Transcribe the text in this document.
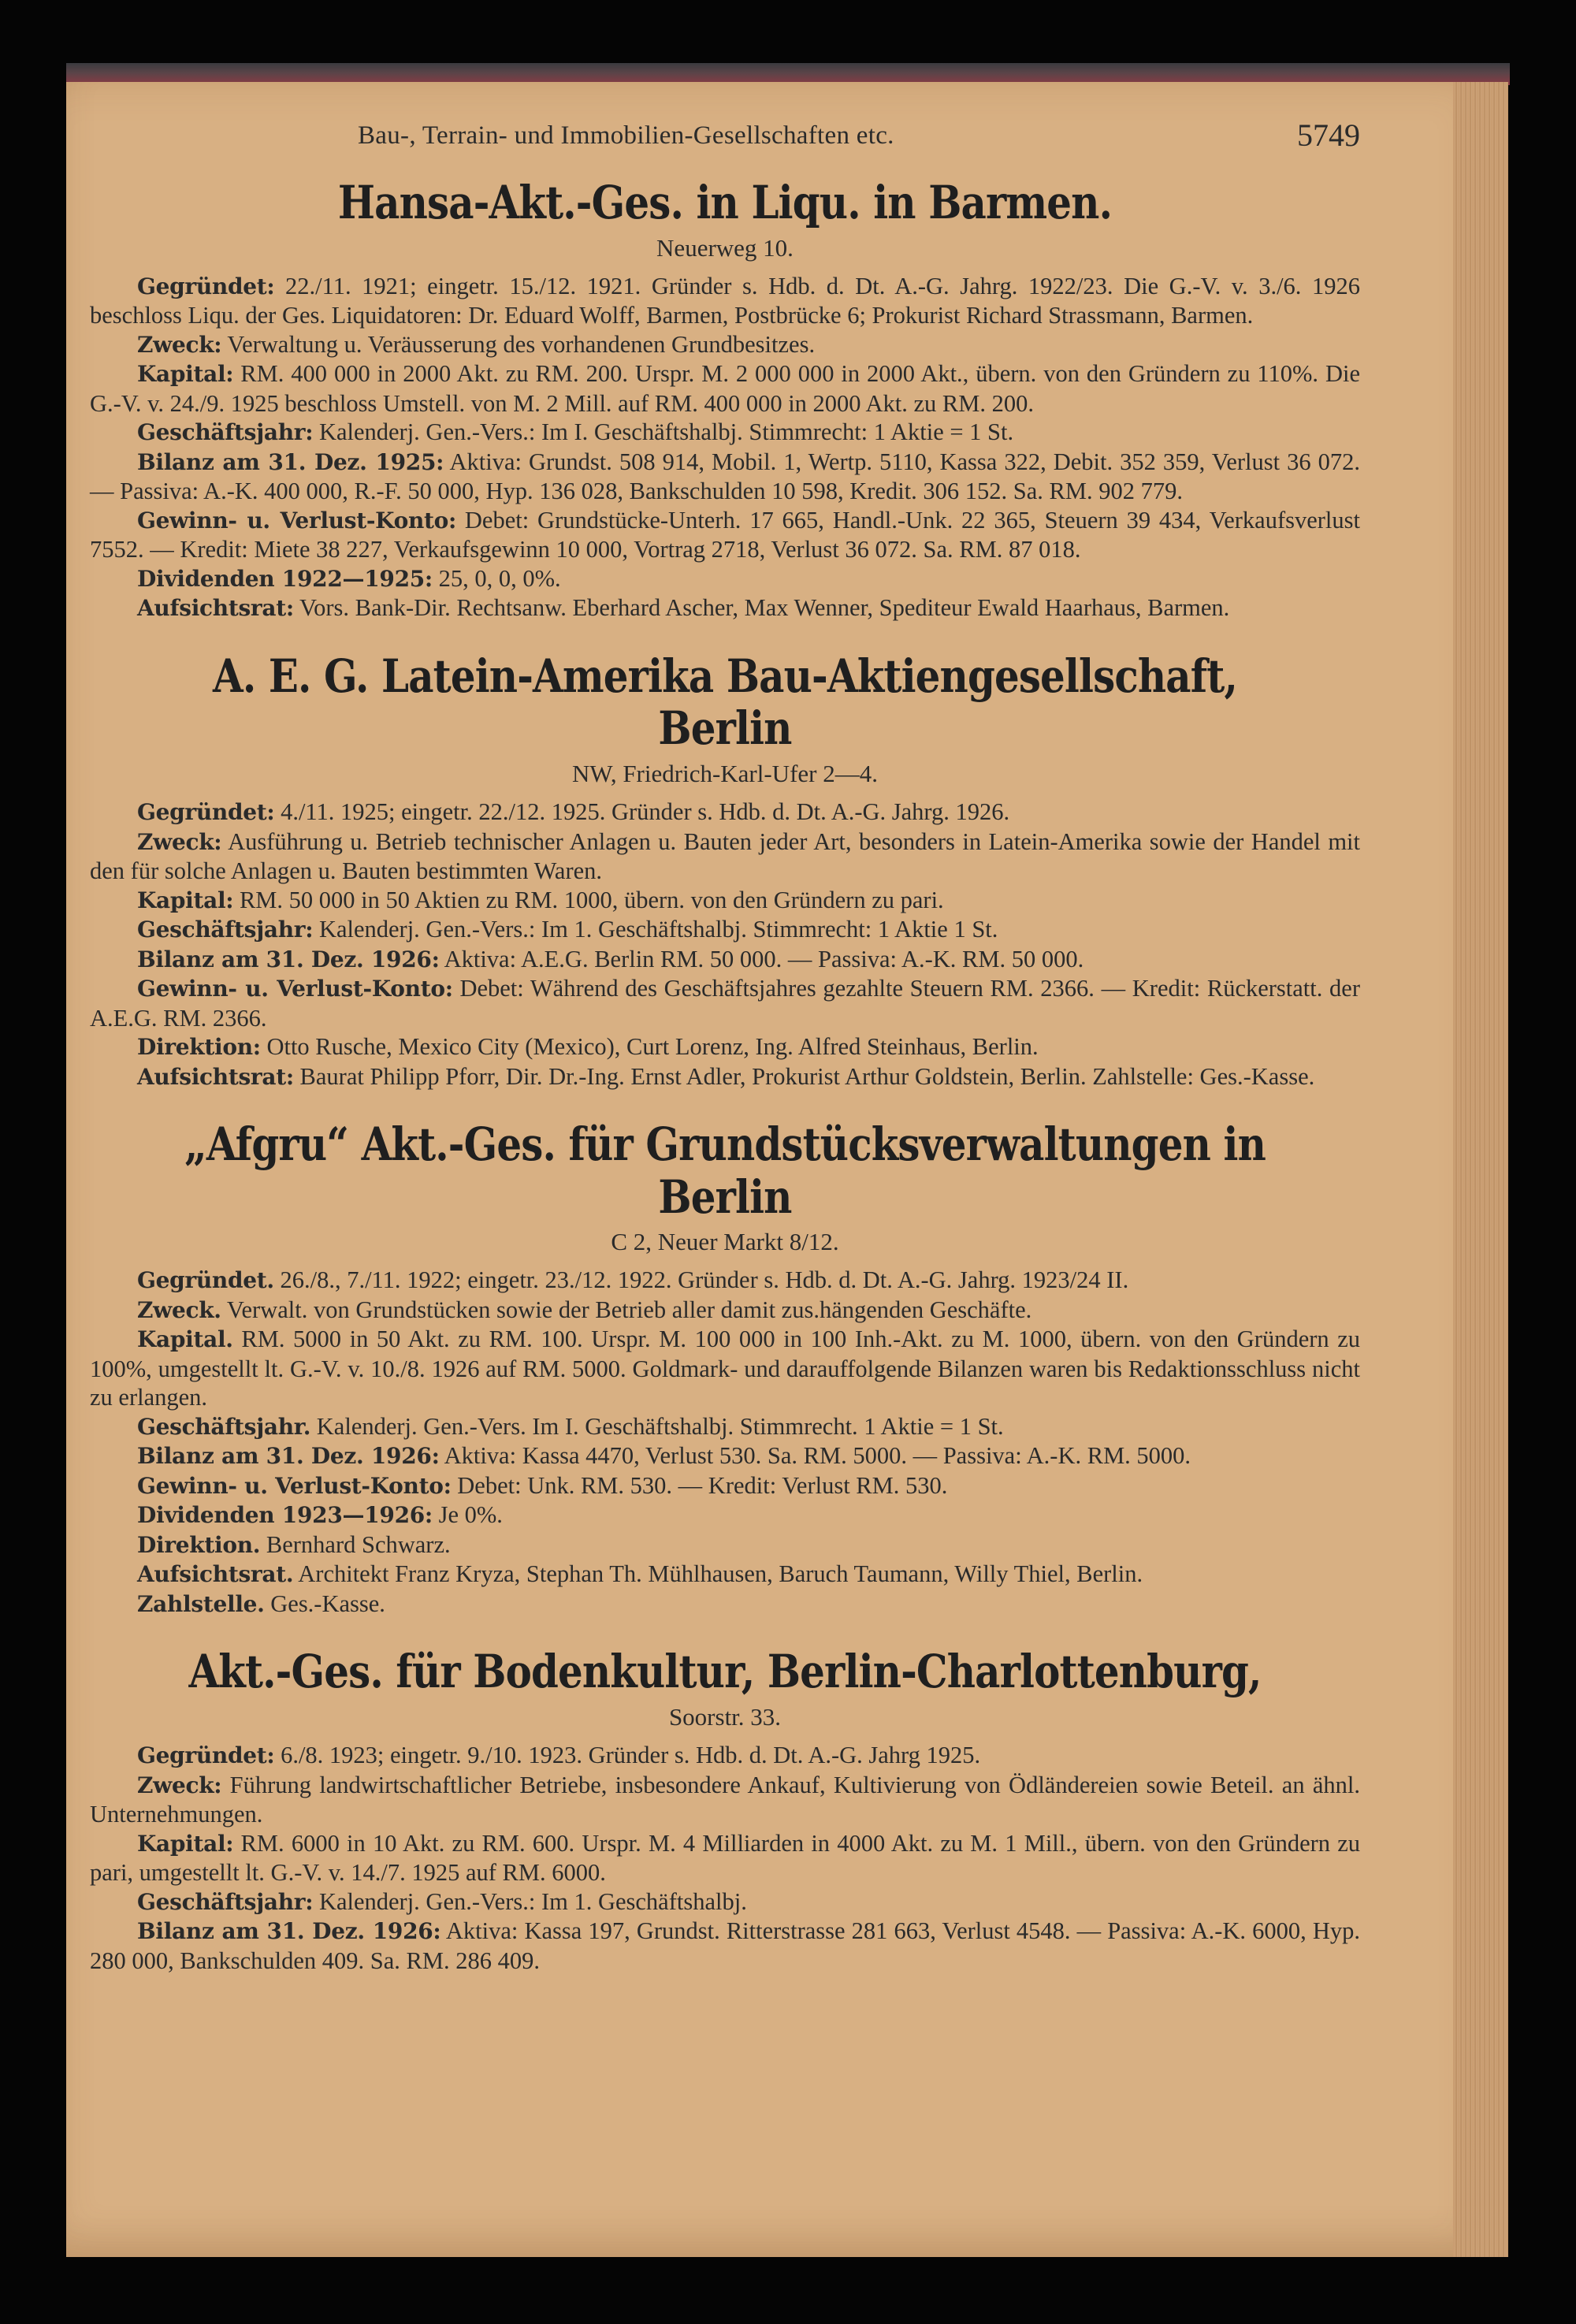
Bau-, Terrain- und Immobilien-Gesellschaften etc.	5749
Hansa-Akt.-Ges. in Liqu. in Barmen.
Neuerweg 10.

Gegründet: 22./11. 1921; eingetr. 15./12. 1921. Gründer s. Hdb. d. Dt. A.-G. Jahrg. 1922/23. Die G.-V. v. 3./6. 1926 beschloss Liqu. der Ges. Liquidatoren: Dr. Eduard Wolff, Barmen, Postbrücke 6; Prokurist Richard Strassmann, Barmen.

Zweck: Verwaltung u. Veräusserung des vorhandenen Grundbesitzes.

Kapital: RM. 400 000 in 2000 Akt. zu RM. 200. Urspr. M. 2 000 000 in 2000 Akt., übern. von den Gründern zu 110%. Die G.-V. v. 24./9. 1925 beschloss Umstell. von M. 2 Mill. auf RM. 400 000 in 2000 Akt. zu RM. 200.

Geschäftsjahr: Kalenderj. Gen.-Vers.: Im I. Geschäftshalbj. Stimmrecht: 1 Aktie = 1 St.

Bilanz am 31. Dez. 1925: Aktiva: Grundst. 508 914, Mobil. 1, Wertp. 5110, Kassa 322, Debit. 352 359, Verlust 36 072. — Passiva: A.-K. 400 000, R.-F. 50 000, Hyp. 136 028, Bankschulden 10 598, Kredit. 306 152. Sa. RM. 902 779.

Gewinn- u. Verlust-Konto: Debet: Grundstücke-Unterh. 17 665, Handl.-Unk. 22 365, Steuern 39 434, Verkaufsverlust 7552. — Kredit: Miete 38 227, Verkaufsgewinn 10 000, Vortrag 2718, Verlust 36 072. Sa. RM. 87 018.

Dividenden 1922—1925: 25, 0, 0, 0%.

Aufsichtsrat: Vors. Bank-Dir. Rechtsanw. Eberhard Ascher, Max Wenner, Spediteur Ewald Haarhaus, Barmen.

A. E. G. Latein-Amerika Bau-Aktiengesellschaft, Berlin
NW, Friedrich-Karl-Ufer 2—4.

Gegründet: 4./11. 1925; eingetr. 22./12. 1925. Gründer s. Hdb. d. Dt. A.-G. Jahrg. 1926.

Zweck: Ausführung u. Betrieb technischer Anlagen u. Bauten jeder Art, besonders in Latein-Amerika sowie der Handel mit den für solche Anlagen u. Bauten bestimmten Waren.

Kapital: RM. 50 000 in 50 Aktien zu RM. 1000, übern. von den Gründern zu pari.

Geschäftsjahr: Kalenderj. Gen.-Vers.: Im 1. Geschäftshalbj. Stimmrecht: 1 Aktie 1 St.

Bilanz am 31. Dez. 1926: Aktiva: A.E.G. Berlin RM. 50 000. — Passiva: A.-K. RM. 50 000.

Gewinn- u. Verlust-Konto: Debet: Während des Geschäftsjahres gezahlte Steuern RM. 2366. — Kredit: Rückerstatt. der A.E.G. RM. 2366.

Direktion: Otto Rusche, Mexico City (Mexico), Curt Lorenz, Ing. Alfred Steinhaus, Berlin.

Aufsichtsrat: Baurat Philipp Pforr, Dir. Dr.-Ing. Ernst Adler, Prokurist Arthur Goldstein, Berlin. Zahlstelle: Ges.-Kasse.

„Afgru“ Akt.-Ges. für Grundstücksverwaltungen in Berlin
C 2, Neuer Markt 8/12.

Gegründet. 26./8., 7./11. 1922; eingetr. 23./12. 1922. Gründer s. Hdb. d. Dt. A.-G. Jahrg. 1923/24 II.

Zweck. Verwalt. von Grundstücken sowie der Betrieb aller damit zus.hängenden Geschäfte.

Kapital. RM. 5000 in 50 Akt. zu RM. 100. Urspr. M. 100 000 in 100 Inh.-Akt. zu M. 1000, übern. von den Gründern zu 100%, umgestellt lt. G.-V. v. 10./8. 1926 auf RM. 5000. Goldmark- und darauffolgende Bilanzen waren bis Redaktionsschluss nicht zu erlangen.

Geschäftsjahr. Kalenderj. Gen.-Vers. Im I. Geschäftshalbj. Stimmrecht. 1 Aktie = 1 St.

Bilanz am 31. Dez. 1926: Aktiva: Kassa 4470, Verlust 530. Sa. RM. 5000. — Passiva: A.-K. RM. 5000.

Gewinn- u. Verlust-Konto: Debet: Unk. RM. 530. — Kredit: Verlust RM. 530.

Dividenden 1923—1926: Je 0%.

Direktion. Bernhard Schwarz.

Aufsichtsrat. Architekt Franz Kryza, Stephan Th. Mühlhausen, Baruch Taumann, Willy Thiel, Berlin.

Zahlstelle. Ges.-Kasse.

Akt.-Ges. für Bodenkultur, Berlin-Charlottenburg,
Soorstr. 33.

Gegründet: 6./8. 1923; eingetr. 9./10. 1923. Gründer s. Hdb. d. Dt. A.-G. Jahrg 1925.

Zweck: Führung landwirtschaftlicher Betriebe, insbesondere Ankauf, Kultivierung von Ödländereien sowie Beteil. an ähnl. Unternehmungen.

Kapital: RM. 6000 in 10 Akt. zu RM. 600. Urspr. M. 4 Milliarden in 4000 Akt. zu M. 1 Mill., übern. von den Gründern zu pari, umgestellt lt. G.-V. v. 14./7. 1925 auf RM. 6000.

Geschäftsjahr: Kalenderj. Gen.-Vers.: Im 1. Geschäftshalbj.

Bilanz am 31. Dez. 1926: Aktiva: Kassa 197, Grundst. Ritterstrasse 281 663, Verlust 4548. — Passiva: A.-K. 6000, Hyp. 280 000, Bankschulden 409. Sa. RM. 286 409.
